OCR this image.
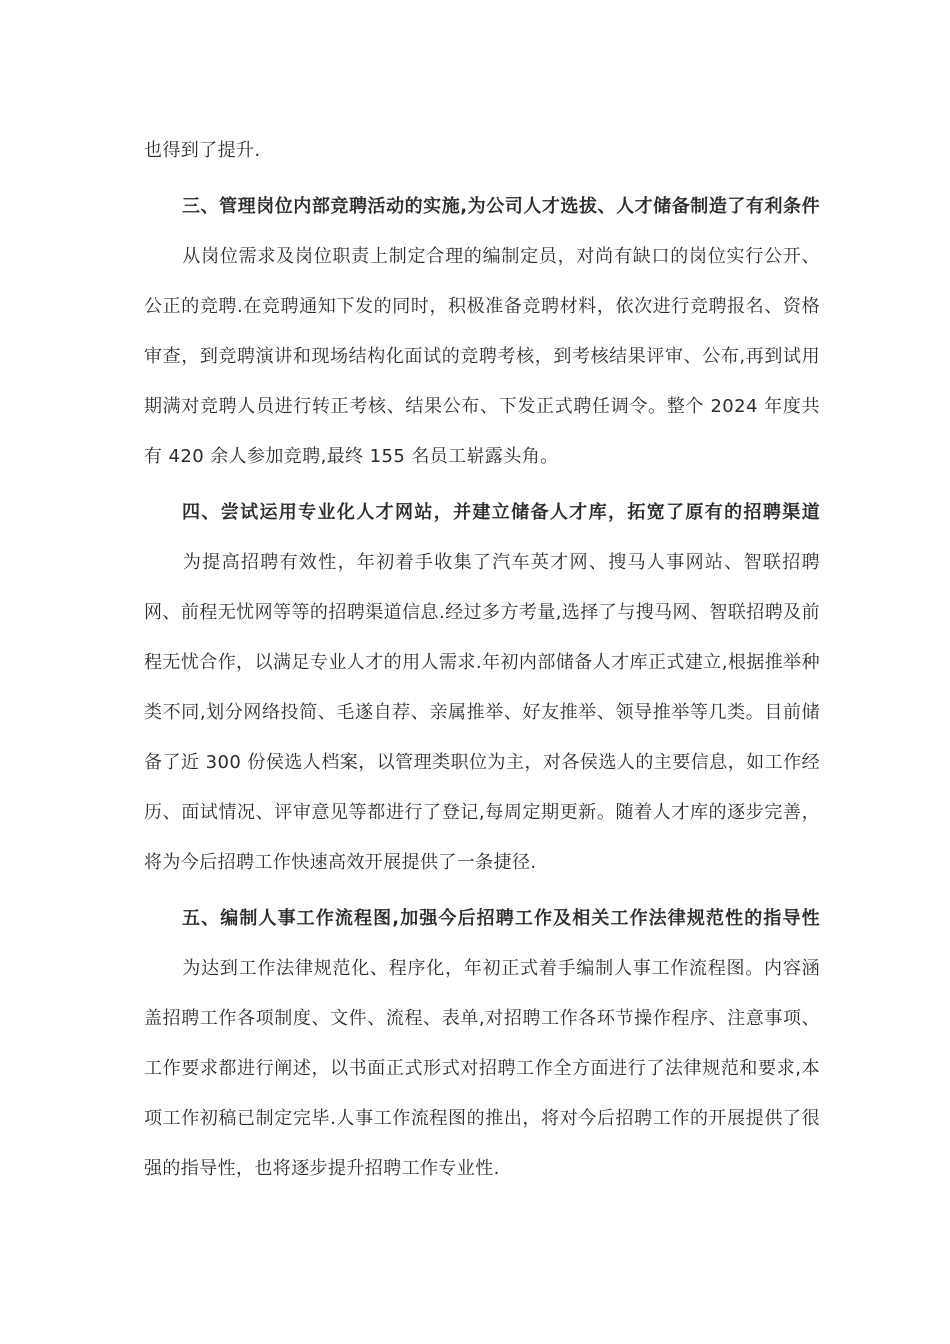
也得到了提升.

三、管理岗位内部竞聘活动的实施,为公司人才选拔、人才储备制造了有利条件从岗位需求及岗位职责上制定合理的编制定员，对尚有缺口的岗位实行公开、公正的竞聘.在竞聘通知下发的同时，积极准备竞聘材料，依次进行竞聘报名、资格审查，到竞聘演讲和现场结构化面试的竞聘考核，到考核结果评审、公布,再到试用期满对竞聘人员进行转正考核、结果公布、下发正式聘任调令。整个 2024 年度共有 420 余人参加竞聘,最终 155 名员工崭露头角。

四、尝试运用专业化人才网站，并建立储备人才库，拓宽了原有的招聘渠道为提高招聘有效性，年初着手收集了汽车英才网、搜马人事网站、智联招聘网、前程无忧网等等的招聘渠道信息.经过多方考量,选择了与搜马网、智联招聘及前程无忧合作，以满足专业人才的用人需求.年初内部储备人才库正式建立,根据推举种类不同,划分网络投简、毛遂自荐、亲属推举、好友推举、领导推举等几类。目前储备了近 300 份侯选人档案，以管理类职位为主，对各侯选人的主要信息，如工作经历、面试情况、评审意见等都进行了登记,每周定期更新。随着人才库的逐步完善，将为今后招聘工作快速高效开展提供了一条捷径.

五、编制人事工作流程图,加强今后招聘工作及相关工作法律规范性的指导性为达到工作法律规范化、程序化，年初正式着手编制人事工作流程图。内容涵盖招聘工作各项制度、文件、流程、表单,对招聘工作各环节操作程序、注意事项、工作要求都进行阐述，以书面正式形式对招聘工作全方面进行了法律规范和要求,本项工作初稿已制定完毕.人事工作流程图的推出，将对今后招聘工作的开展提供了很强的指导性，也将逐步提升招聘工作专业性.
